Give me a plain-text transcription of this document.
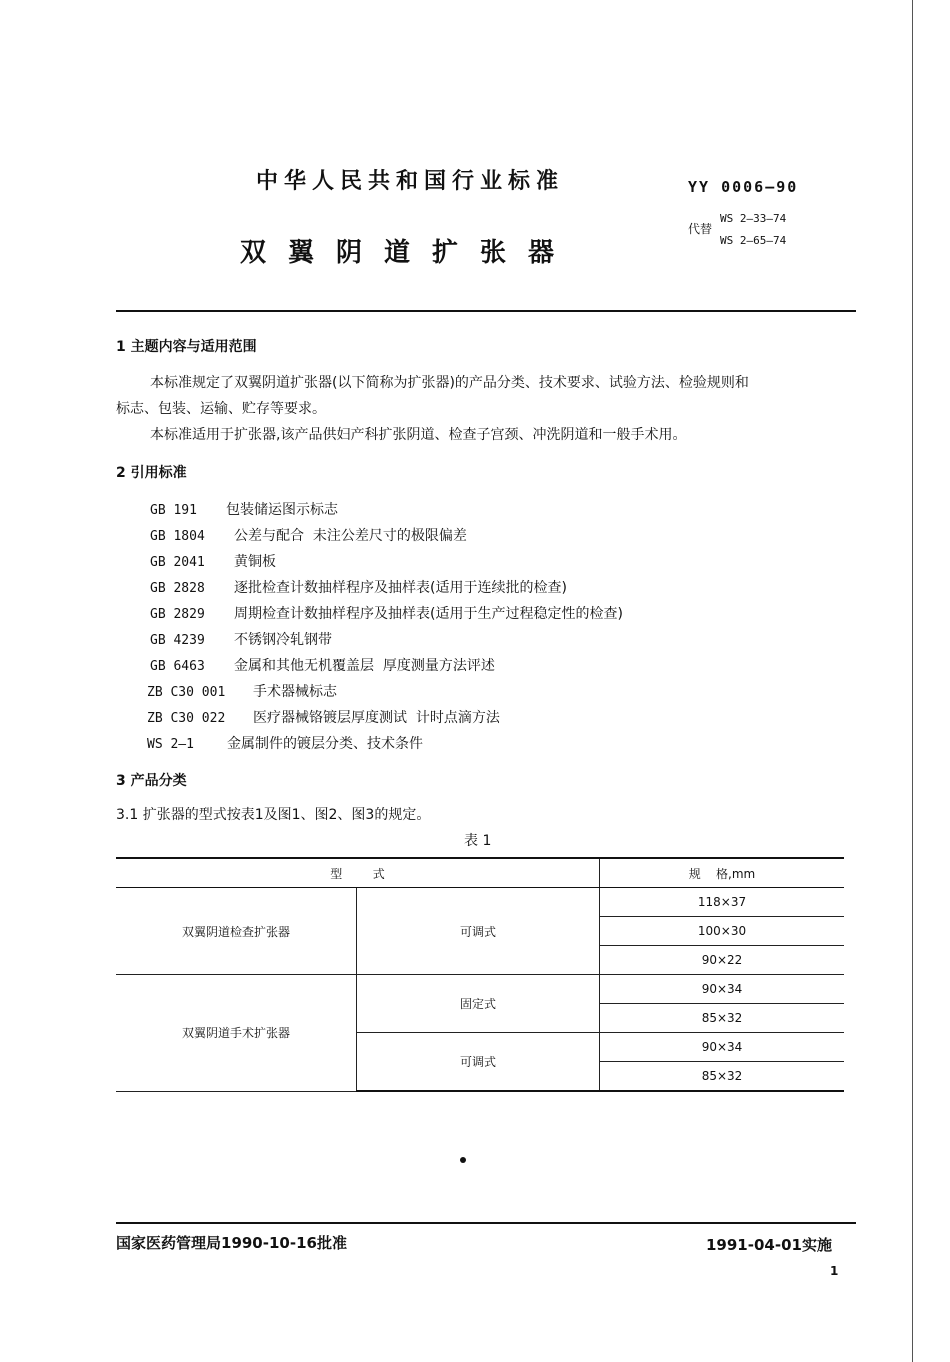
中华人民共和国行业标准
双翼阴道扩张器
YY 0006—90
代替
WS 2—33—74
WS 2—65—74
1 主题内容与适用范围
本标准规定了双翼阴道扩张器(以下简称为扩张器)的产品分类、技术要求、试验方法、检验规则和
标志、包装、运输、贮存等要求。
本标准适用于扩张器,该产品供妇产科扩张阴道、检查子宫颈、冲洗阴道和一般手术用。
2 引用标准
GB 191 包装储运图示标志
GB 1804 公差与配合  未注公差尺寸的极限偏差
GB 2041 黄铜板
GB 2828 逐批检查计数抽样程序及抽样表(适用于连续批的检查)
GB 2829 周期检查计数抽样程序及抽样表(适用于生产过程稳定性的检查)
GB 4239 不锈钢冷轧钢带
GB 6463 金属和其他无机覆盖层  厚度测量方法评述
ZB C30 001 手术器械标志
ZB C30 022 医疗器械铬镀层厚度测试  计时点滴方法
WS 2—1 金属制件的镀层分类、技术条件
3 产品分类
3.1 扩张器的型式按表1及图1、图2、图3的规定。
表 1
型        式		规    格,mm
双翼阴道检查扩张器	可调式	118×37
		100×30
		90×22
双翼阴道手术扩张器	固定式	90×34
		85×32
	可调式	90×34
		85×32
国家医药管理局1990-10-16批准	1991-04-01实施
1
